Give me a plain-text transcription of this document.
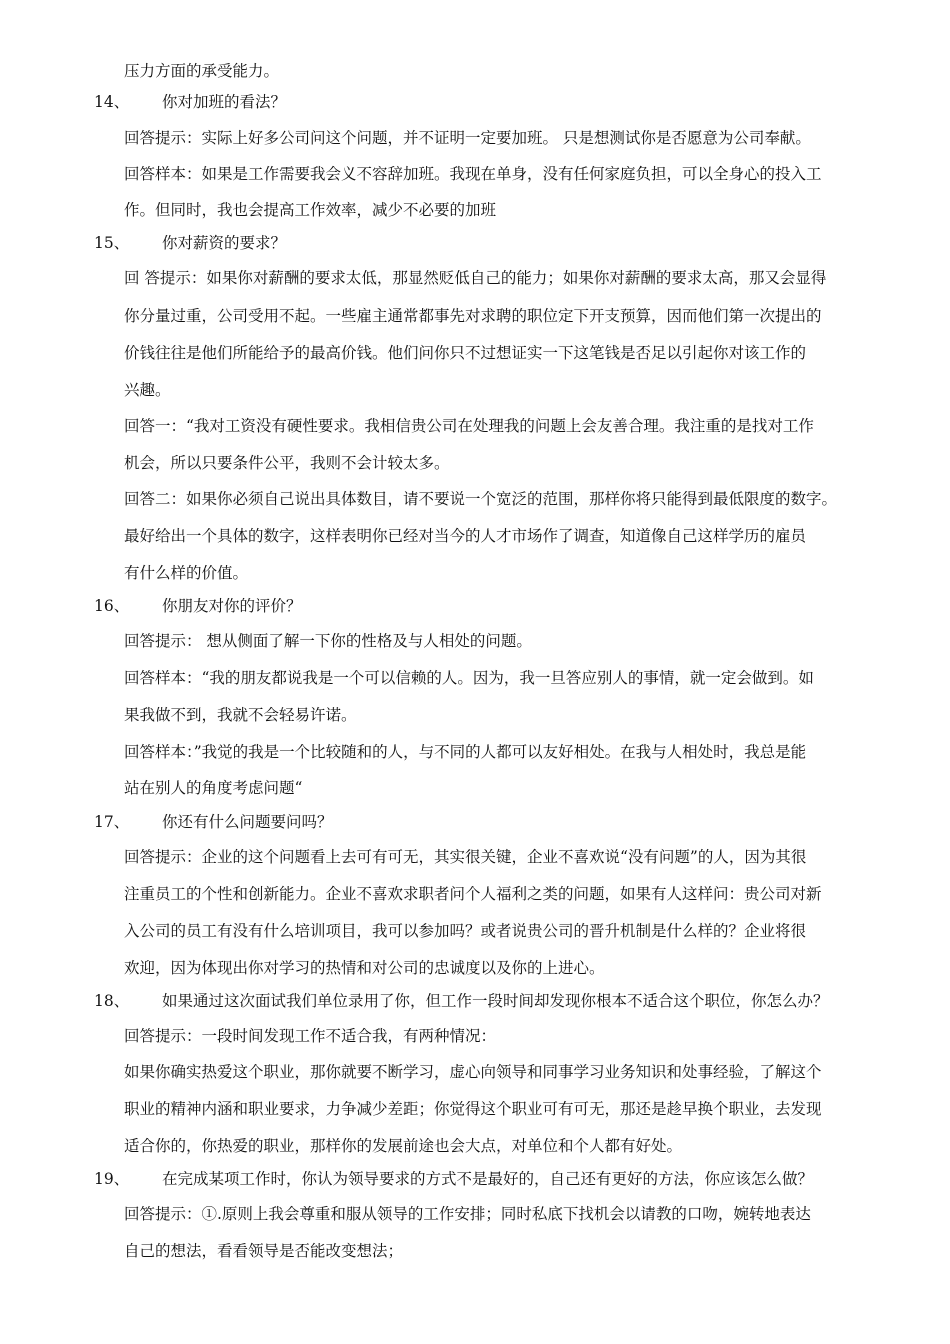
压力方面的承受能力。
14、 你对加班的看法？
回答提示：实际上好多公司问这个问题，并不证明一定要加班。 只是想测试你是否愿意为公司奉献。
回答样本：如果是工作需要我会义不容辞加班。我现在单身，没有任何家庭负担，可以全身心的投入工
作。但同时，我也会提高工作效率，减少不必要的加班
15、 你对薪资的要求？
回 答提示：如果你对薪酬的要求太低，那显然贬低自己的能力；如果你对薪酬的要求太高，那又会显得
你分量过重，公司受用不起。一些雇主通常都事先对求聘的职位定下开支预算，因而他们第一次提出的
价钱往往是他们所能给予的最高价钱。他们问你只不过想证实一下这笔钱是否足以引起你对该工作的
兴趣。
回答一：“我对工资没有硬性要求。我相信贵公司在处理我的问题上会友善合理。我注重的是找对工作
机会，所以只要条件公平，我则不会计较太多。
回答二：如果你必须自己说出具体数目，请不要说一个宽泛的范围，那样你将只能得到最低限度的数字。
最好给出一个具体的数字，这样表明你已经对当今的人才市场作了调查，知道像自己这样学历的雇员
有什么样的价值。
16、 你朋友对你的评价？
回答提示： 想从侧面了解一下你的性格及与人相处的问题。
回答样本：“我的朋友都说我是一个可以信赖的人。因为，我一旦答应别人的事情，就一定会做到。如
果我做不到，我就不会轻易许诺。
回答样本：”我觉的我是一个比较随和的人，与不同的人都可以友好相处。在我与人相处时，我总是能
站在别人的角度考虑问题“
17、 你还有什么问题要问吗？
回答提示：企业的这个问题看上去可有可无，其实很关键，企业不喜欢说“没有问题”的人，因为其很
注重员工的个性和创新能力。企业不喜欢求职者问个人福利之类的问题，如果有人这样问：贵公司对新
入公司的员工有没有什么培训项目，我可以参加吗？或者说贵公司的晋升机制是什么样的？企业将很
欢迎，因为体现出你对学习的热情和对公司的忠诚度以及你的上进心。
18、 如果通过这次面试我们单位录用了你，但工作一段时间却发现你根本不适合这个职位，你怎么办？
回答提示：一段时间发现工作不适合我，有两种情况：
如果你确实热爱这个职业，那你就要不断学习，虚心向领导和同事学习业务知识和处事经验，了解这个
职业的精神内涵和职业要求，力争减少差距；你觉得这个职业可有可无，那还是趁早换个职业，去发现
适合你的，你热爱的职业，那样你的发展前途也会大点，对单位和个人都有好处。
19、 在完成某项工作时，你认为领导要求的方式不是最好的，自己还有更好的方法，你应该怎么做？
回答提示：①.原则上我会尊重和服从领导的工作安排；同时私底下找机会以请教的口吻，婉转地表达
自己的想法，看看领导是否能改变想法；
